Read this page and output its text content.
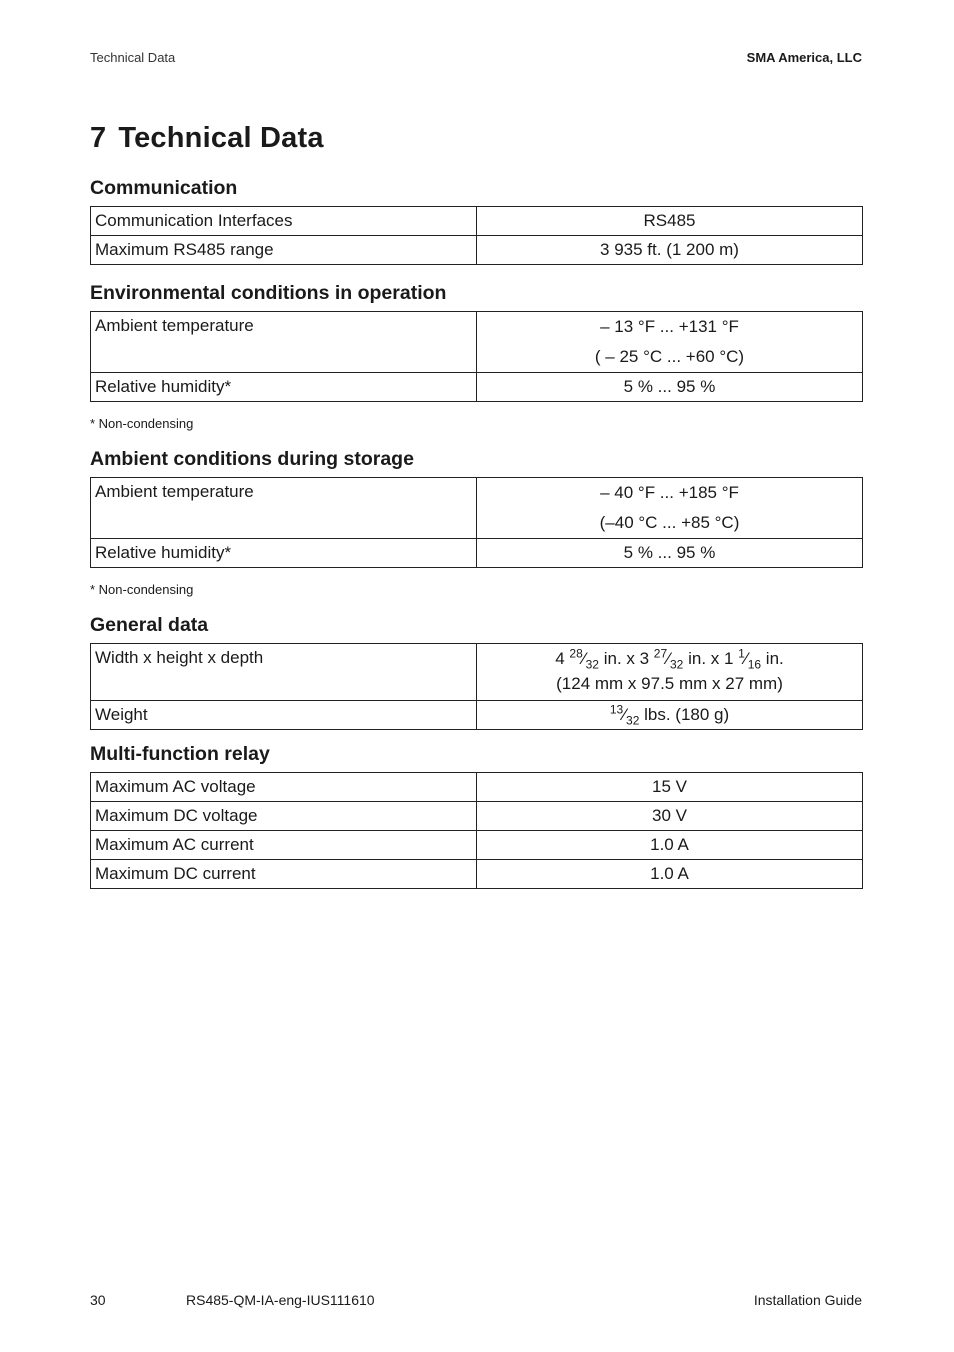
Technical Data	SMA America, LLC
7 Technical Data
Communication
Communication Interfaces	RS485
Maximum RS485 range	3 935 ft. (1 200 m)
Environmental conditions in operation
Ambient temperature	– 13 °F ... +131 °F
( – 25 °C ... +60 °C)

Relative humidity*	5 % ... 95 %
* Non-condensing
Ambient conditions during storage
Ambient temperature	– 40 °F ... +185 °F
(–40 °C ... +85 °C)

Relative humidity*	5 % ... 95 %
* Non-condensing
General data
Width x height x depth	4 $^{28}⁄_{32}$ in. x 3 $^{27}⁄_{32}$ in. x 1 $^1⁄_{16}$ in.
(124 mm x 97.5 mm x 27 mm)

Weight	$^{13}⁄_{32}$ lbs. (180 g)
Multi-function relay
Maximum AC voltage	15 V
Maximum DC voltage	30 V
Maximum AC current	1.0 A
Maximum DC current	1.0 A
30	RS485-QM-IA-eng-IUS111610	Installation Guide
